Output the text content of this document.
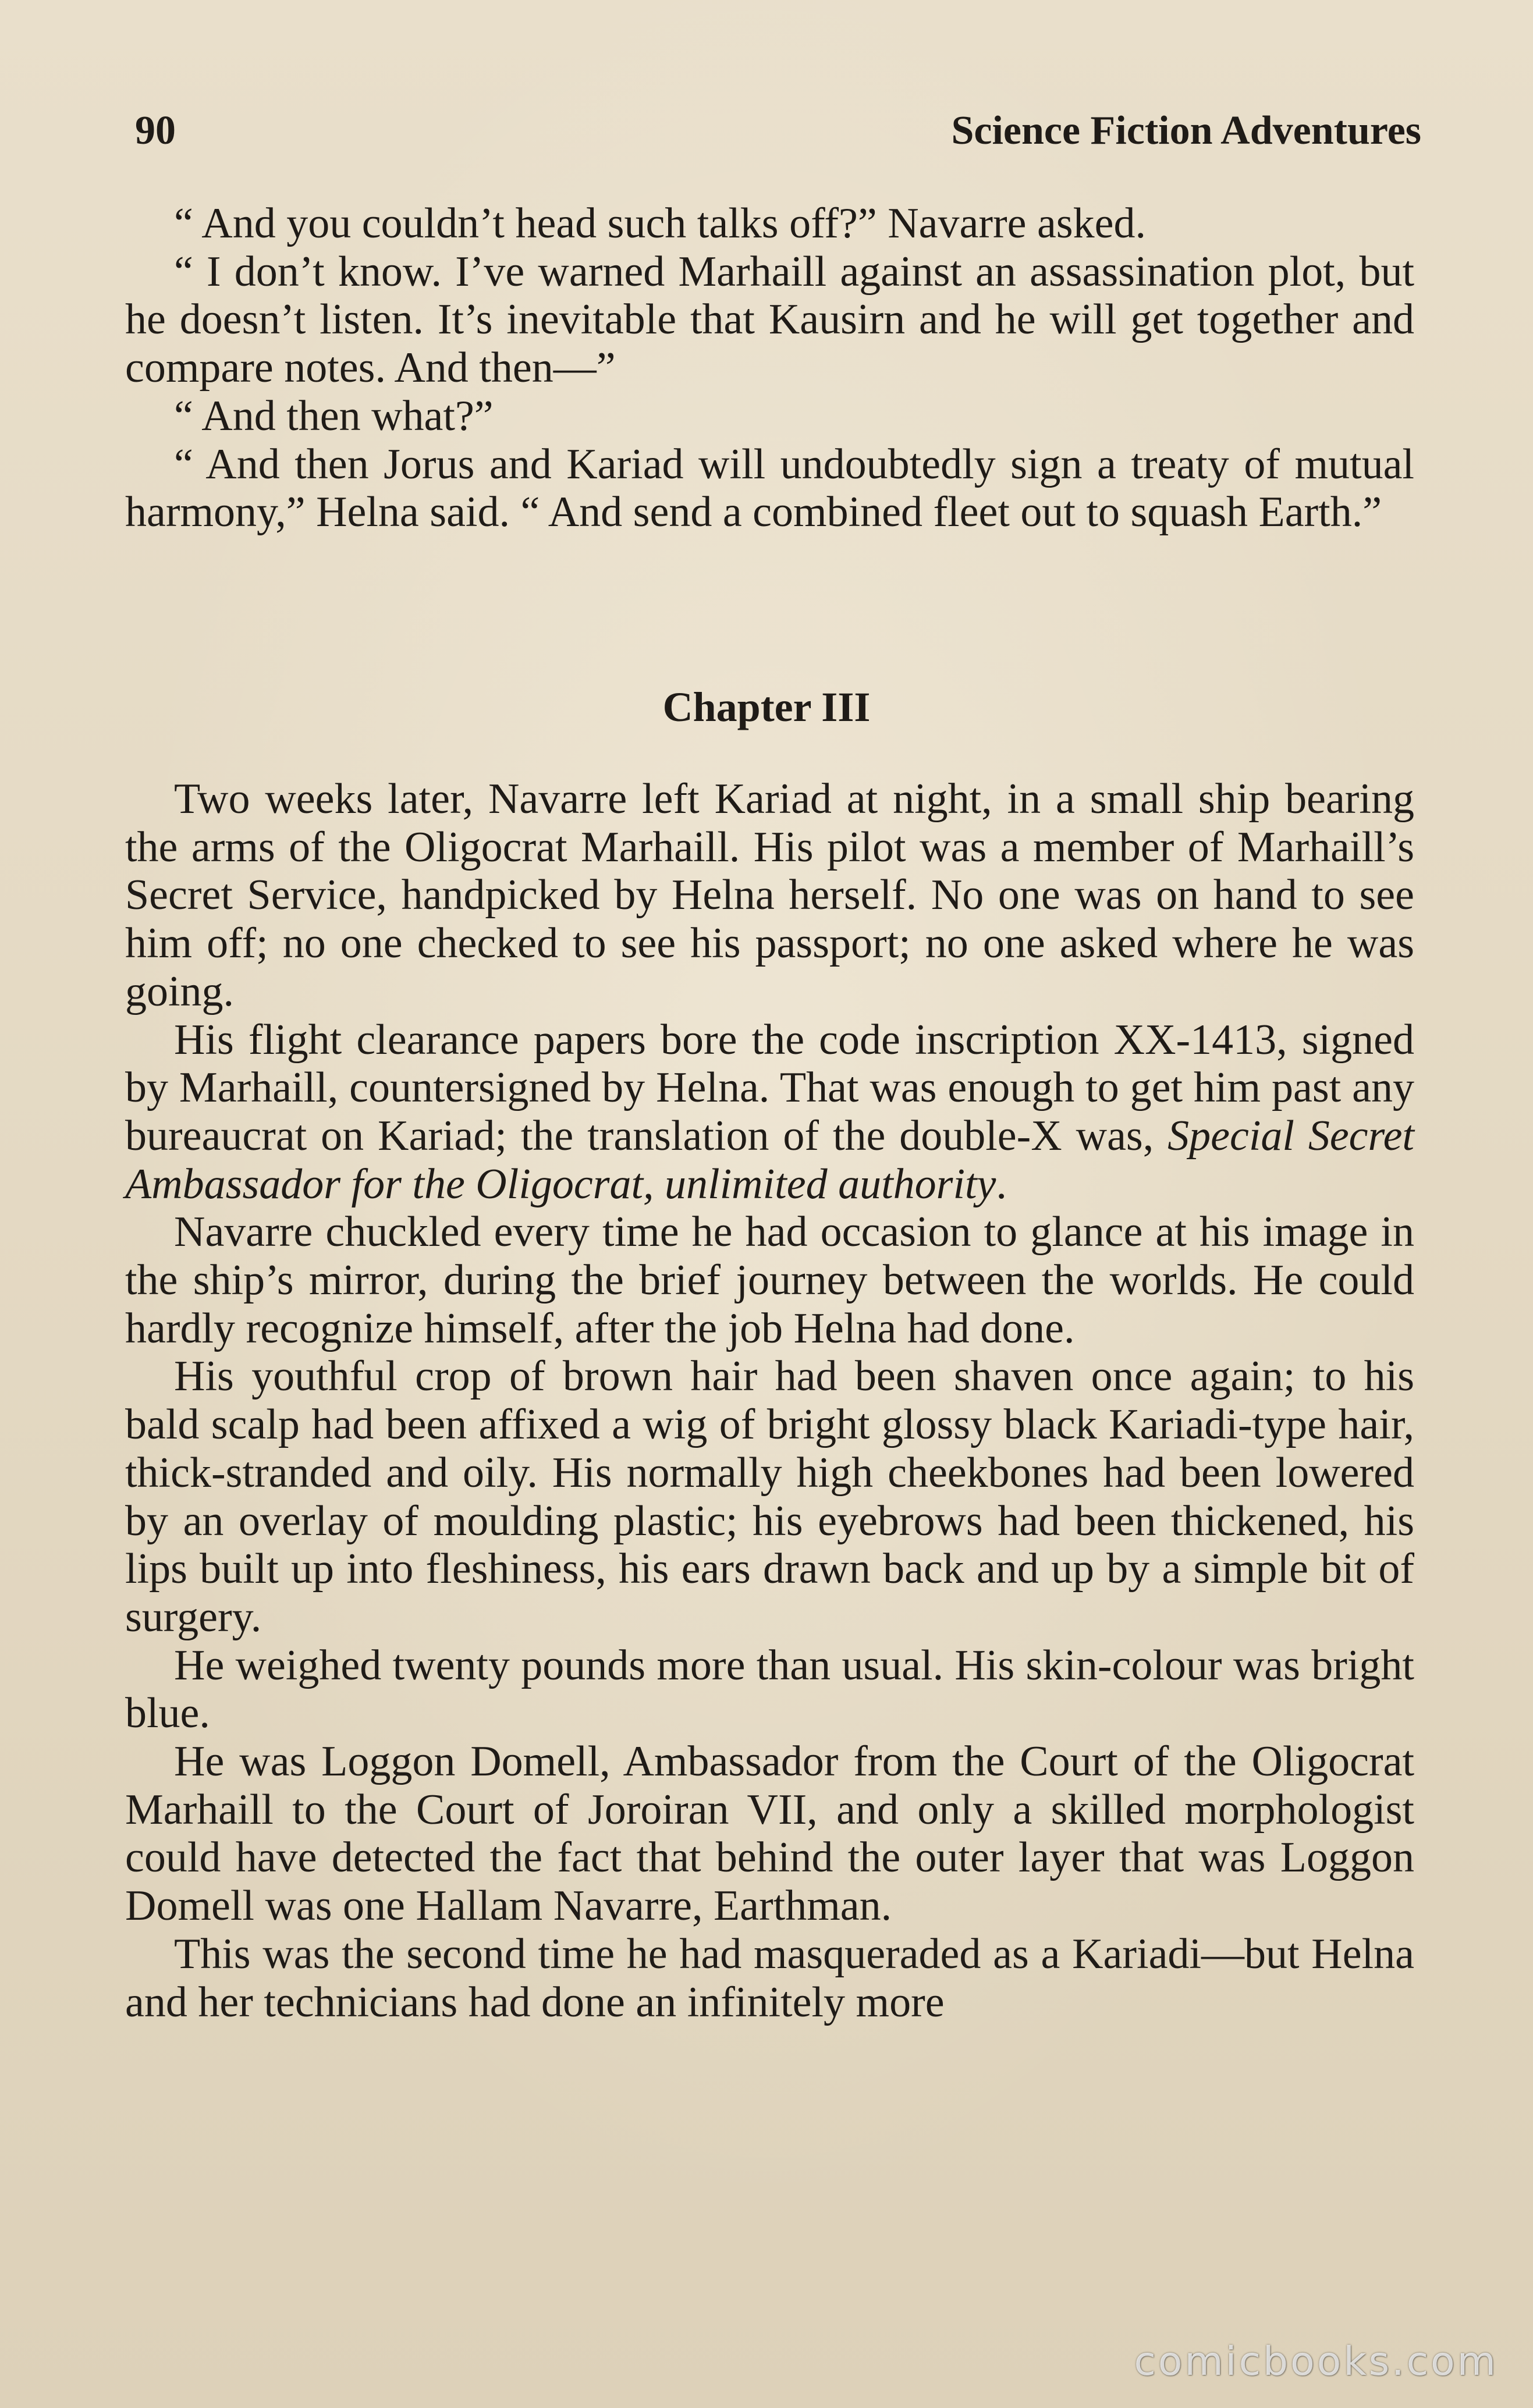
90	Science Fiction Adventures

“ And you couldn’t head such talks off?” Navarre asked.

“ I don’t know. I’ve warned Marhaill against an assassination plot, but he doesn’t listen. It’s inevitable that Kausirn and he will get together and compare notes. And then—”

“ And then what?”

“ And then Jorus and Kariad will undoubtedly sign a treaty of mutual harmony,” Helna said. “ And send a combined fleet out to squash Earth.”

Chapter III

Two weeks later, Navarre left Kariad at night, in a small ship bearing the arms of the Oligocrat Marhaill. His pilot was a member of Marhaill’s Secret Service, handpicked by Helna herself. No one was on hand to see him off; no one checked to see his passport; no one asked where he was going.

His flight clearance papers bore the code inscription XX-1413, signed by Marhaill, countersigned by Helna. That was enough to get him past any bureaucrat on Kariad; the translation of the double-X was, Special Secret Ambassador for the Oligocrat, unlimited authority.

Navarre chuckled every time he had occasion to glance at his image in the ship’s mirror, during the brief journey between the worlds. He could hardly recognize himself, after the job Helna had done.

His youthful crop of brown hair had been shaven once again; to his bald scalp had been affixed a wig of bright glossy black Kariadi-type hair, thick-stranded and oily. His normally high cheekbones had been lowered by an overlay of moulding plastic; his eyebrows had been thickened, his lips built up into fleshiness, his ears drawn back and up by a simple bit of surgery.

He weighed twenty pounds more than usual. His skin-colour was bright blue.

He was Loggon Domell, Ambassador from the Court of the Oligocrat Marhaill to the Court of Joroiran VII, and only a skilled morphologist could have detected the fact that behind the outer layer that was Loggon Domell was one Hallam Navarre, Earthman.

This was the second time he had masqueraded as a Kariadi—but Helna and her technicians had done an infinitely more

comicbooks.com
